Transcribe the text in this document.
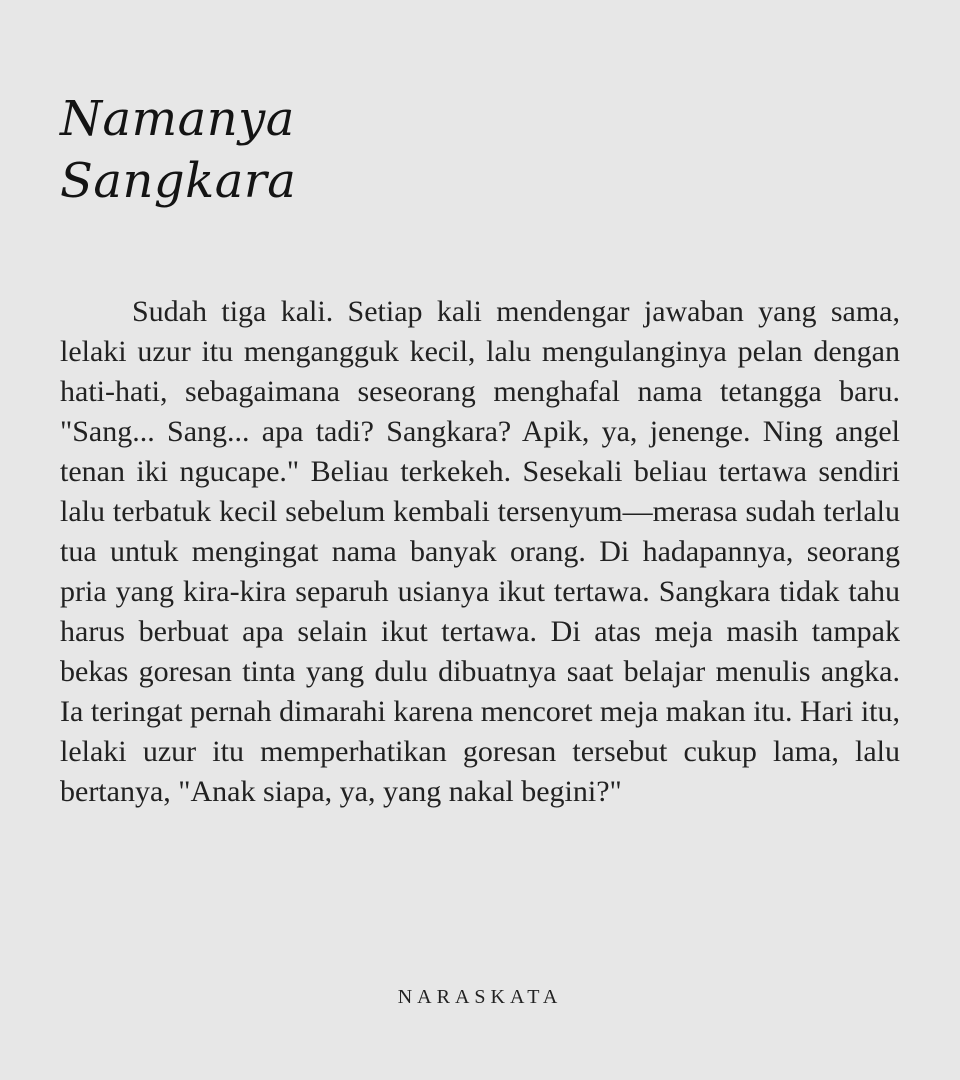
Namanya
Sangkara

Sudah tiga kali. Setiap kali mendengar jawaban yang sama, lelaki uzur itu mengangguk kecil, lalu mengulanginya pelan dengan hati-hati, sebagaimana seseorang menghafal nama tetangga baru. "Sang... Sang... apa tadi? Sangkara? Apik, ya, jenenge. Ning angel tenan iki ngucape." Beliau terkekeh. Sesekali beliau tertawa sendiri lalu terbatuk kecil sebelum kembali tersenyum—merasa sudah terlalu tua untuk mengingat nama banyak orang. Di hadapannya, seorang pria yang kira-kira separuh usianya ikut tertawa. Sangkara tidak tahu harus berbuat apa selain ikut tertawa. Di atas meja masih tampak bekas goresan tinta yang dulu dibuatnya saat belajar menulis angka. Ia teringat pernah dimarahi karena mencoret meja makan itu. Hari itu, lelaki uzur itu memperhatikan goresan tersebut cukup lama, lalu bertanya, "Anak siapa, ya, yang nakal begini?"

NARASKATA
